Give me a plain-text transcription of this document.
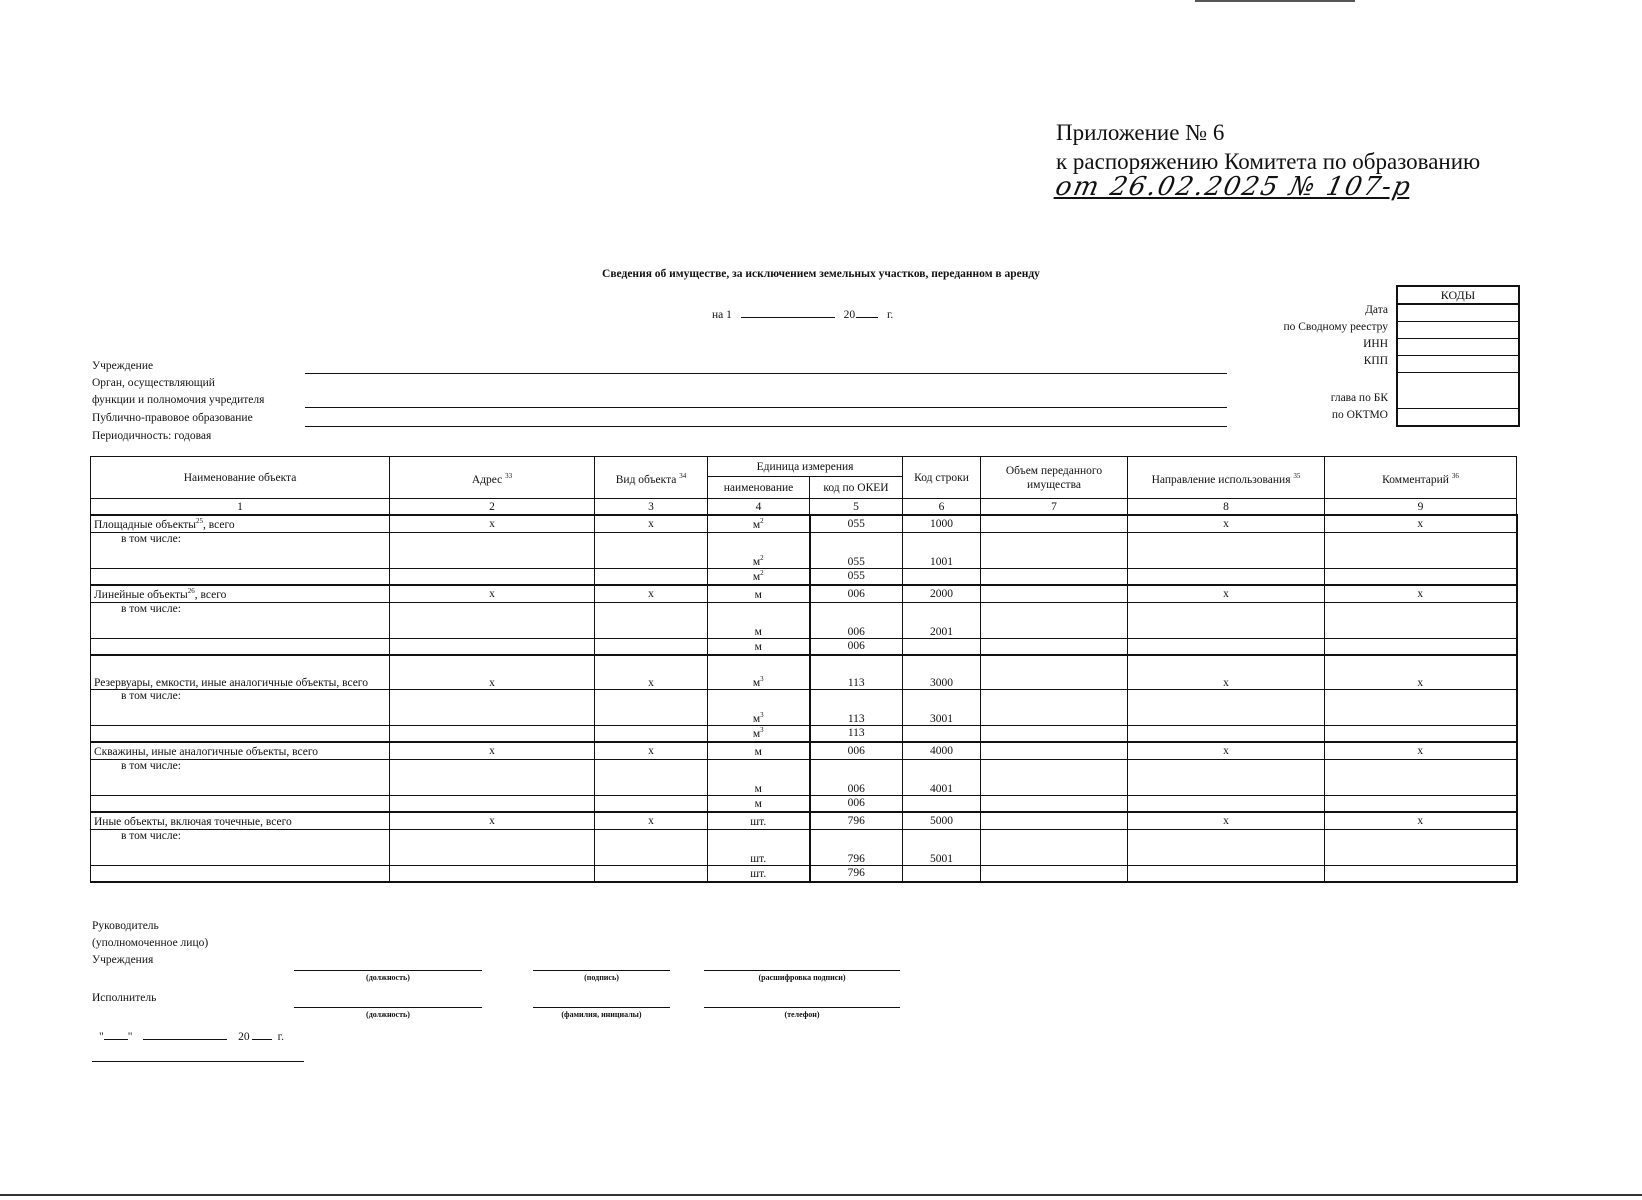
Приложение № 6
к распоряжению Комитета по образованию
от 26.02.2025 № 107-р
Сведения об имуществе, за исключением земельных участков, переданном в аренду
на 1	20	г.
КОДЫ
Дата
по Сводному реестру
ИНН
КПП
глава по БК
по ОКТМО
Учреждение
Орган, осуществляющий
функции и полномочия учредителя
Публично-правовое образование
Периодичность: годовая
Наименование объекта	Адрес $^{33}$	Вид объекта $^{34}$	Единица измерения		Код строки	Объем переданного имущества	Направление использования $^{35}$	Комментарий $^{36}$
			наименование	код по ОКЕИ				
1	2	3	4	5	6	7	8	9
Площадные объекты$^{25}$, всего	х	х	$м^2$	055	1000		х	х
в том числе:			$м^2$	055	1001			
			$м^2$	055				
Линейные объекты$^{26}$, всего	х	х	м	006	2000		х	х
в том числе:			м	006	2001			
			м	006				
Резервуары, емкости, иные аналогичные объекты, всего	х	х	$м^3$	113	3000		х	х
в том числе:			$м^3$	113	3001			
			$м^3$	113				
Скважины, иные аналогичные объекты, всего	х	х	м	006	4000		х	х
в том числе:			м	006	4001			
			м	006				
Иные объекты, включая точечные, всего	х	х	шт.	796	5000		х	х
в том числе:			шт.	796	5001			
			шт.	796				
Руководитель
(уполномоченное лицо)
Учреждения
(должность)	(подпись)	(расшифровка подписи)
Исполнитель
(должность)	(фамилия, инициалы)	(телефон)
" "	20 г.
